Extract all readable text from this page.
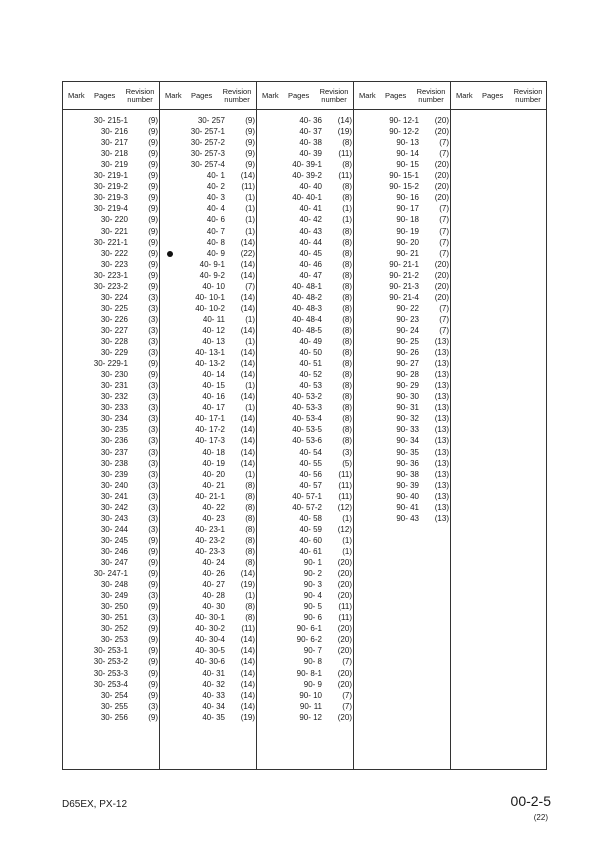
Mark Pages	Revision number	Mark Pages	Revision number	Mark Pages	Revision number	Mark Pages	Revision number	Mark Pages	Revision number
30- 215-1	(9)
30- 216	(9)
30- 217	(9)
30- 218	(9)
30- 219	(9)
30- 219-1	(9)
30- 219-2	(9)
30- 219-3	(9)
30- 219-4	(9)
30- 220	(9)
30- 221	(9)
30- 221-1	(9)
30- 222	(9)
30- 223	(9)
30- 223-1	(9)
30- 223-2	(9)
30- 224	(3)
30- 225	(3)
30- 226	(3)
30- 227	(3)
30- 228	(3)
30- 229	(3)
30- 229-1	(9)
30- 230	(9)
30- 231	(3)
30- 232	(3)
30- 233	(3)
30- 234	(3)
30- 235	(3)
30- 236	(3)
30- 237	(3)
30- 238	(3)
30- 239	(3)
30- 240	(3)
30- 241	(3)
30- 242	(3)
30- 243	(3)
30- 244	(3)
30- 245	(9)
30- 246	(9)
30- 247	(9)
30- 247-1	(9)
30- 248	(9)
30- 249	(3)
30- 250	(9)
30- 251	(3)
30- 252	(9)
30- 253	(9)
30- 253-1	(9)
30- 253-2	(9)
30- 253-3	(9)
30- 253-4	(9)
30- 254	(9)
30- 255	(3)
30- 256	(9)
30- 257	(9)
30- 257-1	(9)
30- 257-2	(9)
30- 257-3	(9)
30- 257-4	(9)
40- 1	(14)
40- 2	(11)
40- 3	(1)
40- 4	(1)
40- 6	(1)
40- 7	(1)
40- 8	(14)
40- 9	(22)
40- 9-1	(14)
40- 9-2	(14)
40- 10	(7)
40- 10-1	(14)
40- 10-2	(14)
40- 11	(1)
40- 12	(14)
40- 13	(1)
40- 13-1	(14)
40- 13-2	(14)
40- 14	(14)
40- 15	(1)
40- 16	(14)
40- 17	(1)
40- 17-1	(14)
40- 17-2	(14)
40- 17-3	(14)
40- 18	(14)
40- 19	(14)
40- 20	(1)
40- 21	(8)
40- 21-1	(8)
40- 22	(8)
40- 23	(8)
40- 23-1	(8)
40- 23-2	(8)
40- 23-3	(8)
40- 24	(8)
40- 26	(14)
40- 27	(19)
40- 28	(1)
40- 30	(8)
40- 30-1	(8)
40- 30-2	(11)
40- 30-4	(14)
40- 30-5	(14)
40- 30-6	(14)
40- 31	(14)
40- 32	(14)
40- 33	(14)
40- 34	(14)
40- 35	(19)
40- 36	(14)
40- 37	(19)
40- 38	(8)
40- 39	(11)
40- 39-1	(8)
40- 39-2	(11)
40- 40	(8)
40- 40-1	(8)
40- 41	(1)
40- 42	(1)
40- 43	(8)
40- 44	(8)
40- 45	(8)
40- 46	(8)
40- 47	(8)
40- 48-1	(8)
40- 48-2	(8)
40- 48-3	(8)
40- 48-4	(8)
40- 48-5	(8)
40- 49	(8)
40- 50	(8)
40- 51	(8)
40- 52	(8)
40- 53	(8)
40- 53-2	(8)
40- 53-3	(8)
40- 53-4	(8)
40- 53-5	(8)
40- 53-6	(8)
40- 54	(3)
40- 55	(5)
40- 56	(11)
40- 57	(11)
40- 57-1	(11)
40- 57-2	(12)
40- 58	(1)
40- 59	(12)
40- 60	(1)
40- 61	(1)
90- 1	(20)
90- 2	(20)
90- 3	(20)
90- 4	(20)
90- 5	(11)
90- 6	(11)
90- 6-1	(20)
90- 6-2	(20)
90- 7	(20)
90- 8	(7)
90- 8-1	(20)
90- 9	(20)
90- 10	(7)
90- 11	(7)
90- 12	(20)
90- 12-1	(20)
90- 12-2	(20)
90- 13	(7)
90- 14	(7)
90- 15	(20)
90- 15-1	(20)
90- 15-2	(20)
90- 16	(20)
90- 17	(7)
90- 18	(7)
90- 19	(7)
90- 20	(7)
90- 21	(7)
90- 21-1	(20)
90- 21-2	(20)
90- 21-3	(20)
90- 21-4	(20)
90- 22	(7)
90- 23	(7)
90- 24	(7)
90- 25	(13)
90- 26	(13)
90- 27	(13)
90- 28	(13)
90- 29	(13)
90- 30	(13)
90- 31	(13)
90- 32	(13)
90- 33	(13)
90- 34	(13)
90- 35	(13)
90- 36	(13)
90- 38	(13)
90- 39	(13)
90- 40	(13)
90- 41	(13)
90- 43	(13)
D65EX, PX-12	00-2-5
(22)
